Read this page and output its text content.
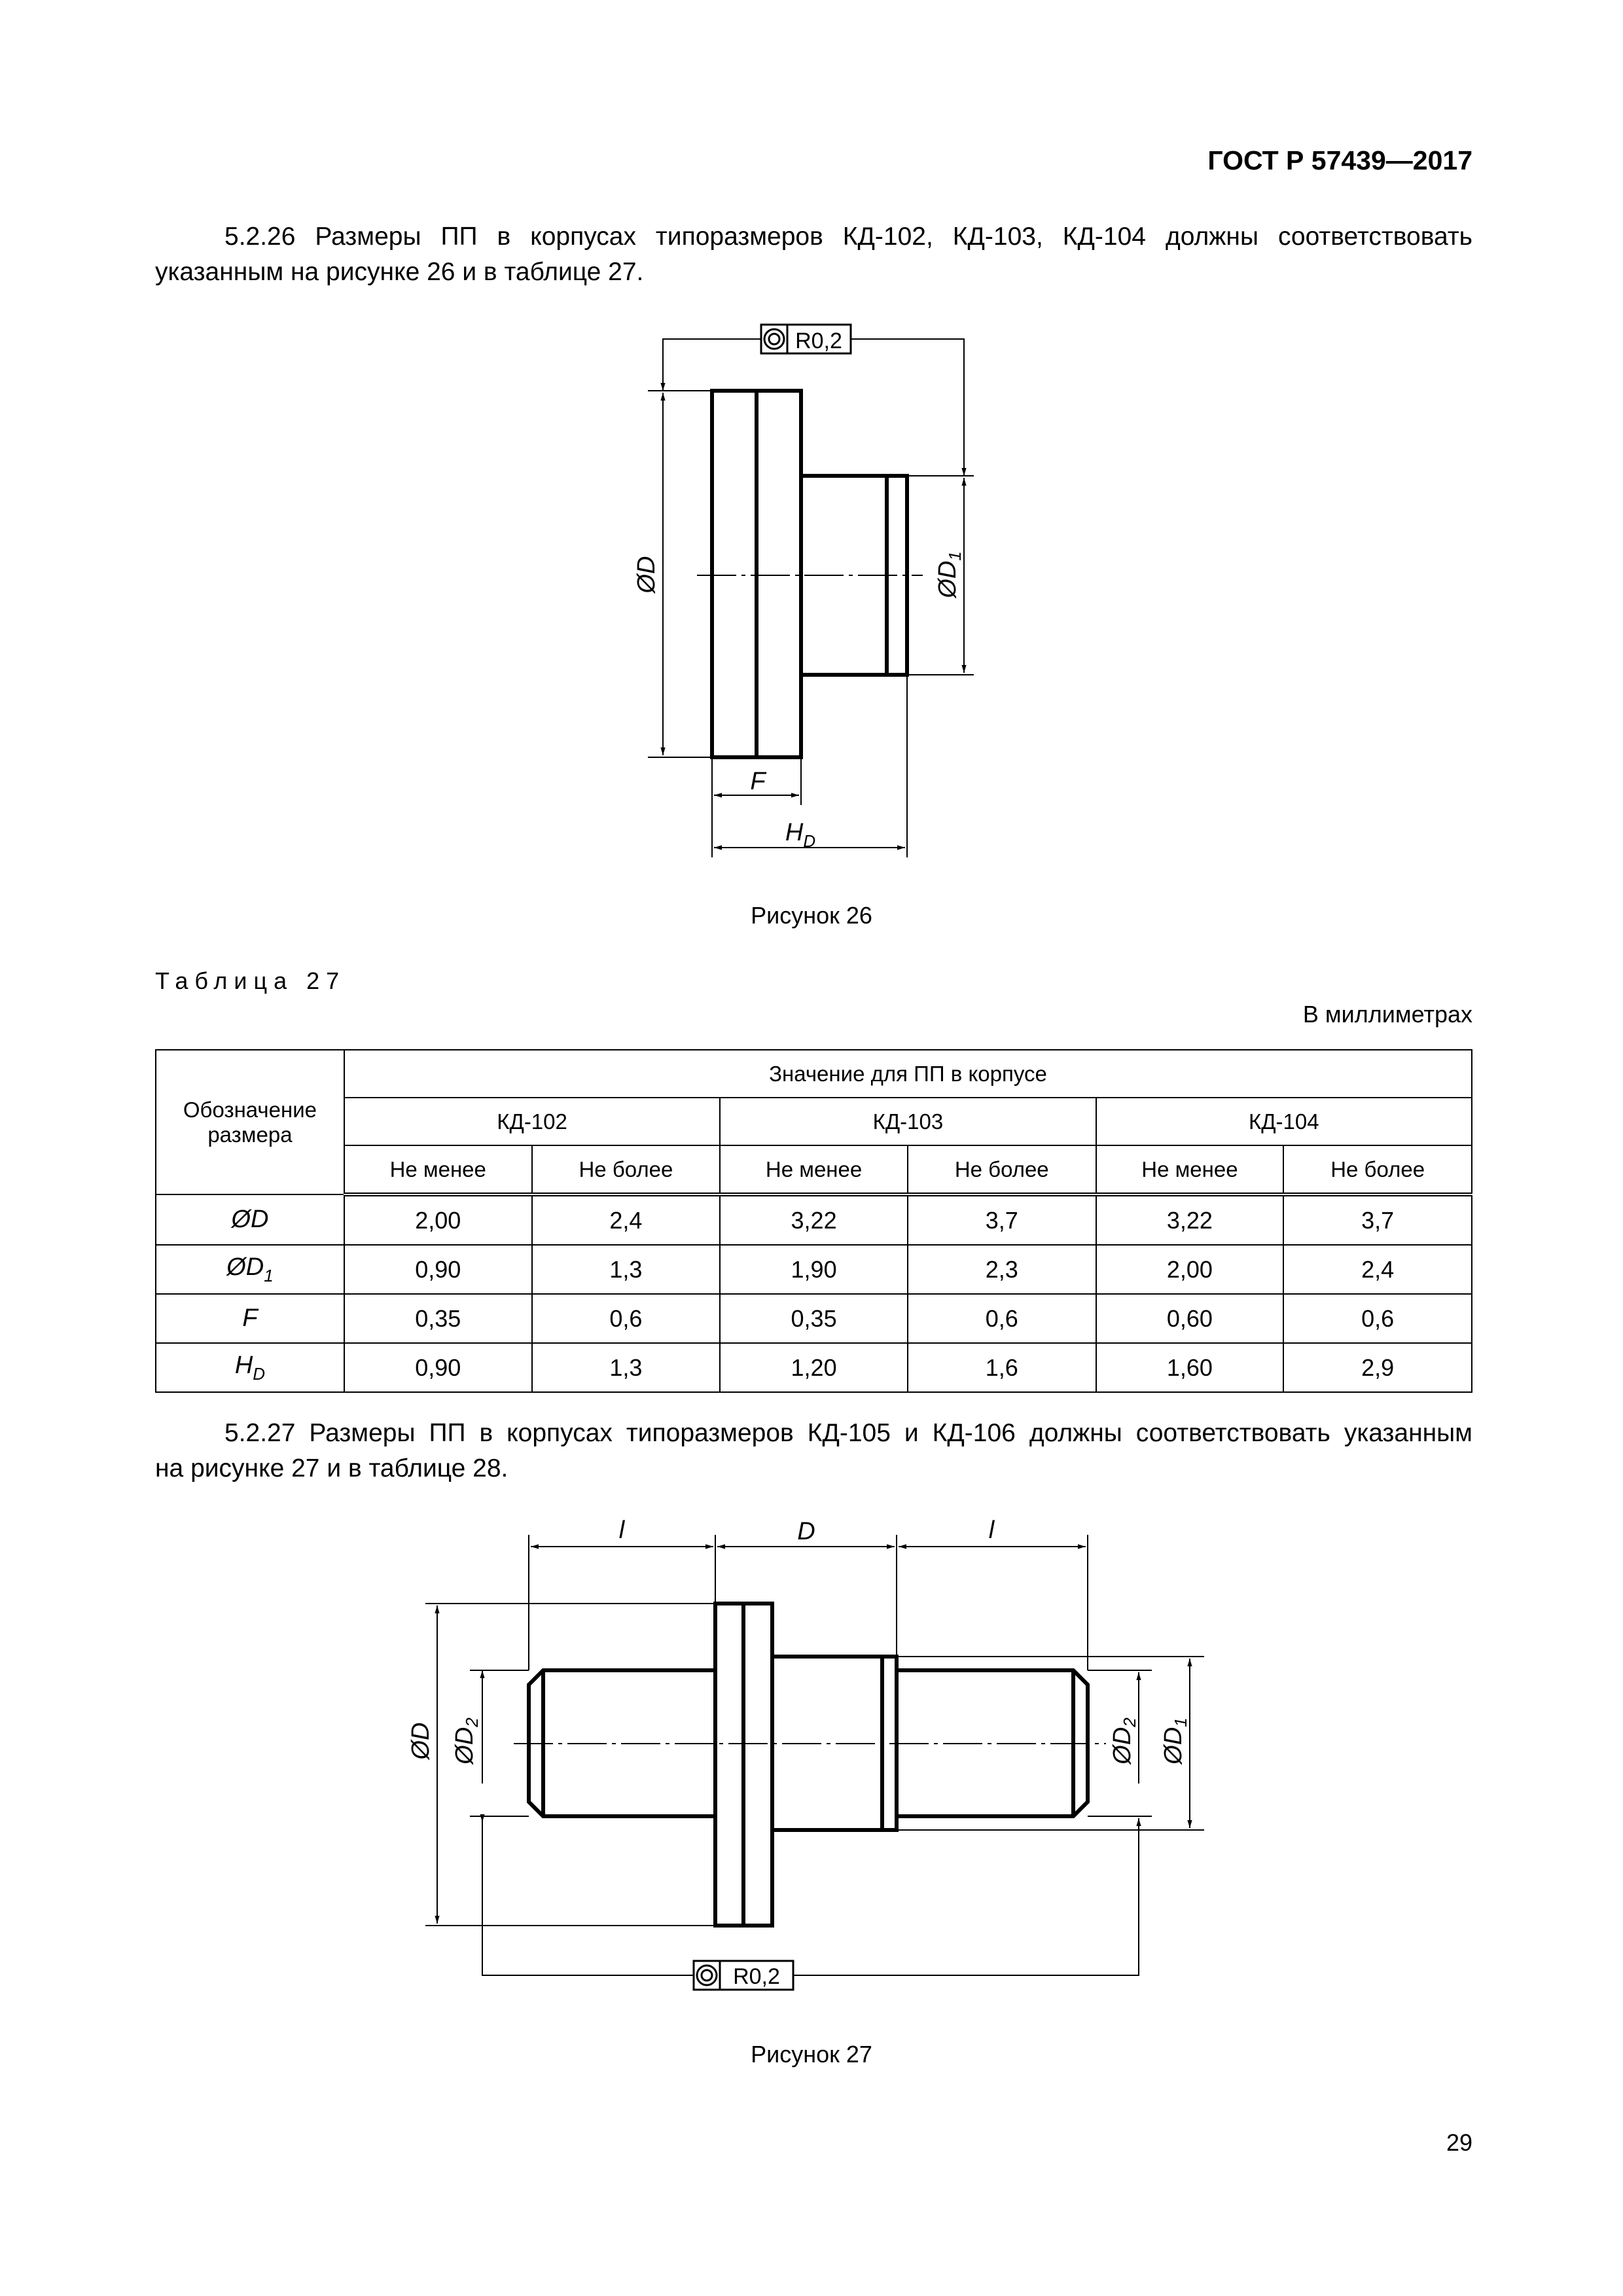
ГОСТ Р 57439—2017
5.2.26 Размеры ПП в корпусах типоразмеров КД-102, КД-103, КД-104 должны соответствовать
указанным на рисунке 26 и в таблице 27.
R0,2
ØD	$ØD_1$
F
$H_D$
Рисунок 26
Таблица 27
В миллиметрах
Обозначение размера	Значение для ПП в корпусе					
	КД-102		КД-103		КД-104	
	Не менее	Не более	Не менее	Не более	Не менее	Не более
ØD	2,00	2,4	3,22	3,7	3,22	3,7
$ØD_1$	0,90	1,3	1,90	2,3	2,00	2,4
F	0,35	0,6	0,35	0,6	0,60	0,6
$H_D$	0,90	1,3	1,20	1,6	1,60	2,9
5.2.27 Размеры ПП в корпусах типоразмеров КД-105 и КД-106 должны соответствовать указанным
на рисунке 27 и в таблице 28.
R0,2
l	D	l
ØD $ØD_2$
$ØD_2$
$ØD_1$
Рисунок 27
29
